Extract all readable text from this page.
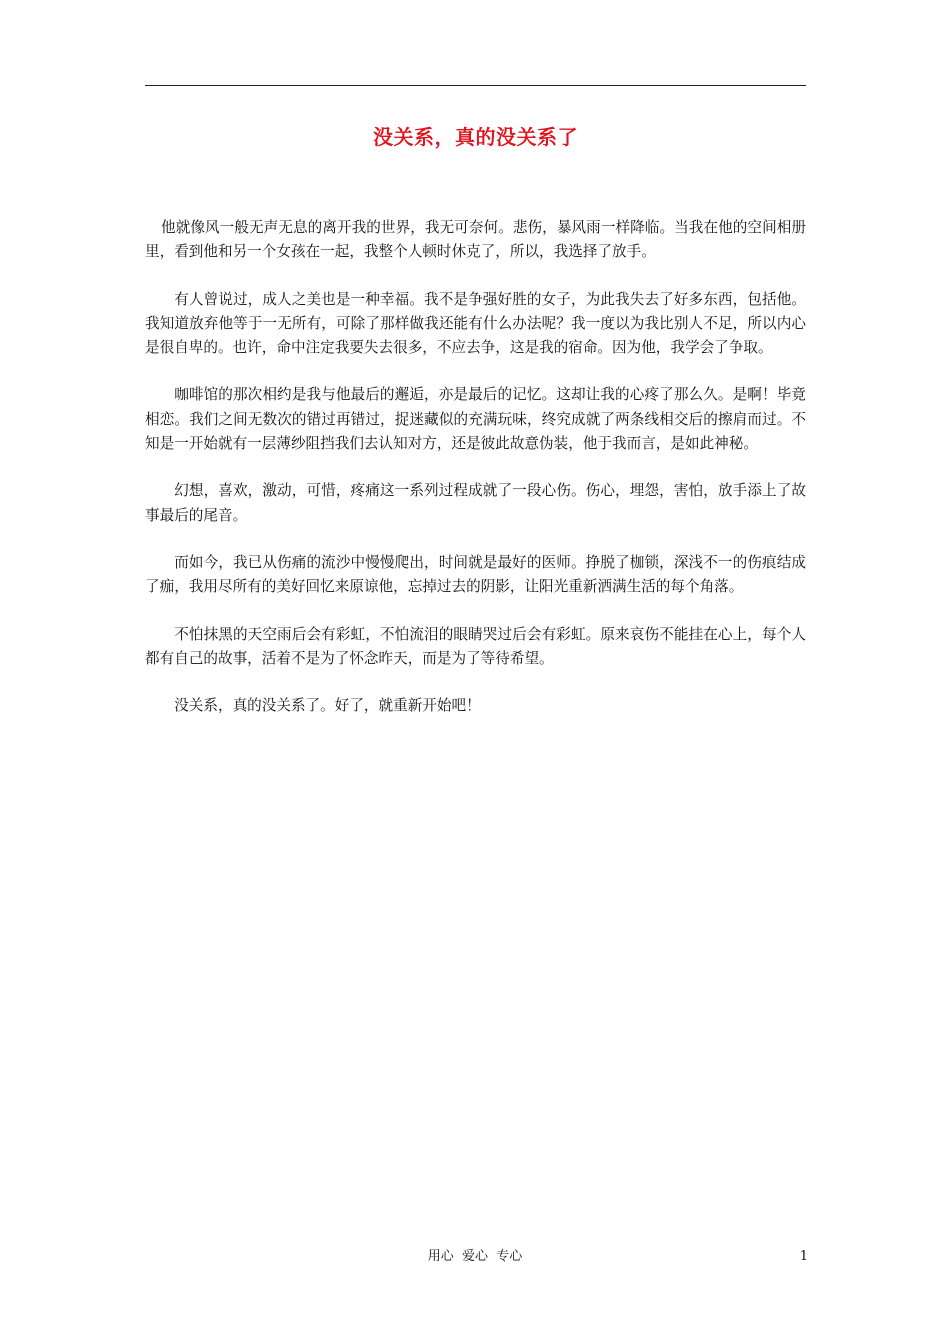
没关系，真的没关系了

他就像风一般无声无息的离开我的世界，我无可奈何。悲伤，暴风雨一样降临。当我在他的空间相册里，看到他和另一个女孩在一起，我整个人顿时休克了，所以，我选择了放手。

有人曾说过，成人之美也是一种幸福。我不是争强好胜的女子，为此我失去了好多东西，包括他。我知道放弃他等于一无所有，可除了那样做我还能有什么办法呢？我一度以为我比别人不足，所以内心是很自卑的。也许，命中注定我要失去很多，不应去争，这是我的宿命。因为他，我学会了争取。

咖啡馆的那次相约是我与他最后的邂逅，亦是最后的记忆。这却让我的心疼了那么久。是啊！毕竟相恋。我们之间无数次的错过再错过，捉迷藏似的充满玩味，终究成就了两条线相交后的擦肩而过。不知是一开始就有一层薄纱阻挡我们去认知对方，还是彼此故意伪装，他于我而言，是如此神秘。

幻想，喜欢，激动，可惜，疼痛这一系列过程成就了一段心伤。伤心，埋怨，害怕，放手添上了故事最后的尾音。

而如今，我已从伤痛的流沙中慢慢爬出，时间就是最好的医师。挣脱了枷锁，深浅不一的伤痕结成了痂，我用尽所有的美好回忆来原谅他，忘掉过去的阴影，让阳光重新洒满生活的每个角落。

不怕抹黑的天空雨后会有彩虹，不怕流泪的眼睛哭过后会有彩虹。原来哀伤不能挂在心上，每个人都有自己的故事，活着不是为了怀念昨天，而是为了等待希望。

没关系，真的没关系了。好了，就重新开始吧！

用心  爱心  专心	1
